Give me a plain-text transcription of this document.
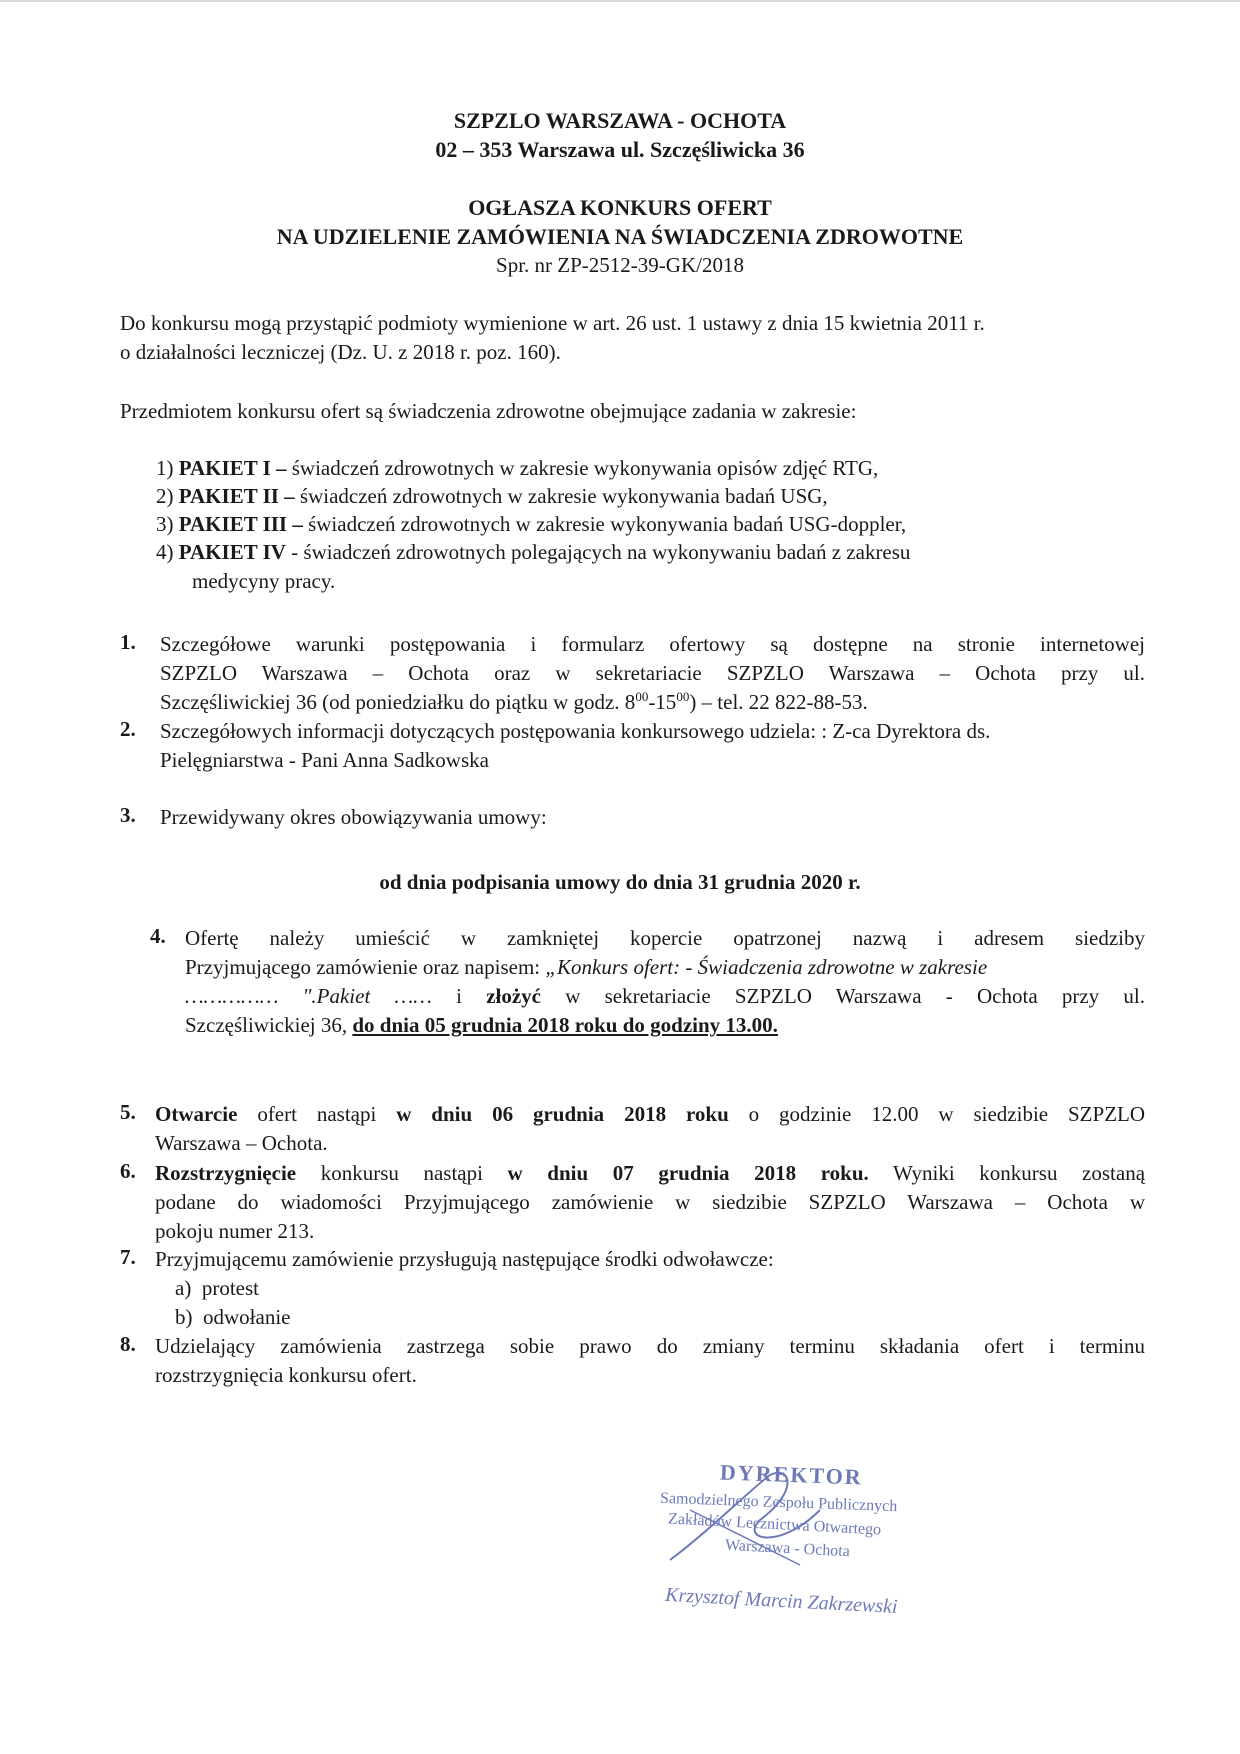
SZPZLO WARSZAWA - OCHOTA
02 – 353 Warszawa ul. Szczęśliwicka 36
OGŁASZA KONKURS OFERT
NA UDZIELENIE ZAMÓWIENIA NA ŚWIADCZENIA ZDROWOTNE
Spr. nr ZP-2512-39-GK/2018
Do konkursu mogą przystąpić podmioty wymienione w art. 26 ust. 1 ustawy z dnia 15 kwietnia 2011 r.
o działalności leczniczej (Dz. U. z 2018 r. poz. 160).
Przedmiotem konkursu ofert są świadczenia zdrowotne obejmujące zadania w zakresie:
1) PAKIET I – świadczeń zdrowotnych w zakresie wykonywania opisów zdjęć RTG,
2) PAKIET II – świadczeń zdrowotnych w zakresie wykonywania badań USG,
3) PAKIET III – świadczeń zdrowotnych w zakresie wykonywania badań USG-doppler,
4) PAKIET IV - świadczeń zdrowotnych polegających na wykonywaniu badań z zakresu
medycyny pracy.
1. Szczegółowe warunki postępowania i formularz ofertowy są dostępne na stronie internetowej
SZPZLO Warszawa – Ochota oraz w sekretariacie SZPZLO Warszawa – Ochota przy ul.
Szczęśliwickiej 36 (od poniedziałku do piątku w godz. $8^{00}-15^{00}$) – tel. 22 822-88-53.
2. Szczegółowych informacji dotyczących postępowania konkursowego udziela: : Z-ca Dyrektora ds.
Pielęgniarstwa - Pani Anna Sadkowska
3. Przewidywany okres obowiązywania umowy:
od dnia podpisania umowy do dnia 31 grudnia 2020 r.
4. Ofertę należy umieścić w zamkniętej kopercie opatrzonej nazwą i adresem siedziby
Przyjmującego zamówienie oraz napisem: „Konkurs ofert: - Świadczenia zdrowotne w zakresie
…………… ".Pakiet …… i złożyć w sekretariacie SZPZLO Warszawa - Ochota przy ul.
Szczęśliwickiej 36, do dnia 05 grudnia 2018 roku do godziny 13.00.
5. Otwarcie ofert nastąpi w dniu 06 grudnia 2018 roku o godzinie 12.00 w siedzibie SZPZLO
Warszawa – Ochota.
6. Rozstrzygnięcie konkursu nastąpi w dniu 07 grudnia 2018 roku. Wyniki konkursu zostaną
podane do wiadomości Przyjmującego zamówienie w siedzibie SZPZLO Warszawa – Ochota w
pokoju numer 213.
7. Przyjmującemu zamówienie przysługują następujące środki odwoławcze:
a) protest
b) odwołanie
8. Udzielający zamówienia zastrzega sobie prawo do zmiany terminu składania ofert i terminu
rozstrzygnięcia konkursu ofert.
DYREKTOR
Samodzielnego Zespołu Publicznych
Zakładów Lecznictwa Otwartego
Warszawa - Ochota
Krzysztof Marcin Zakrzewski
